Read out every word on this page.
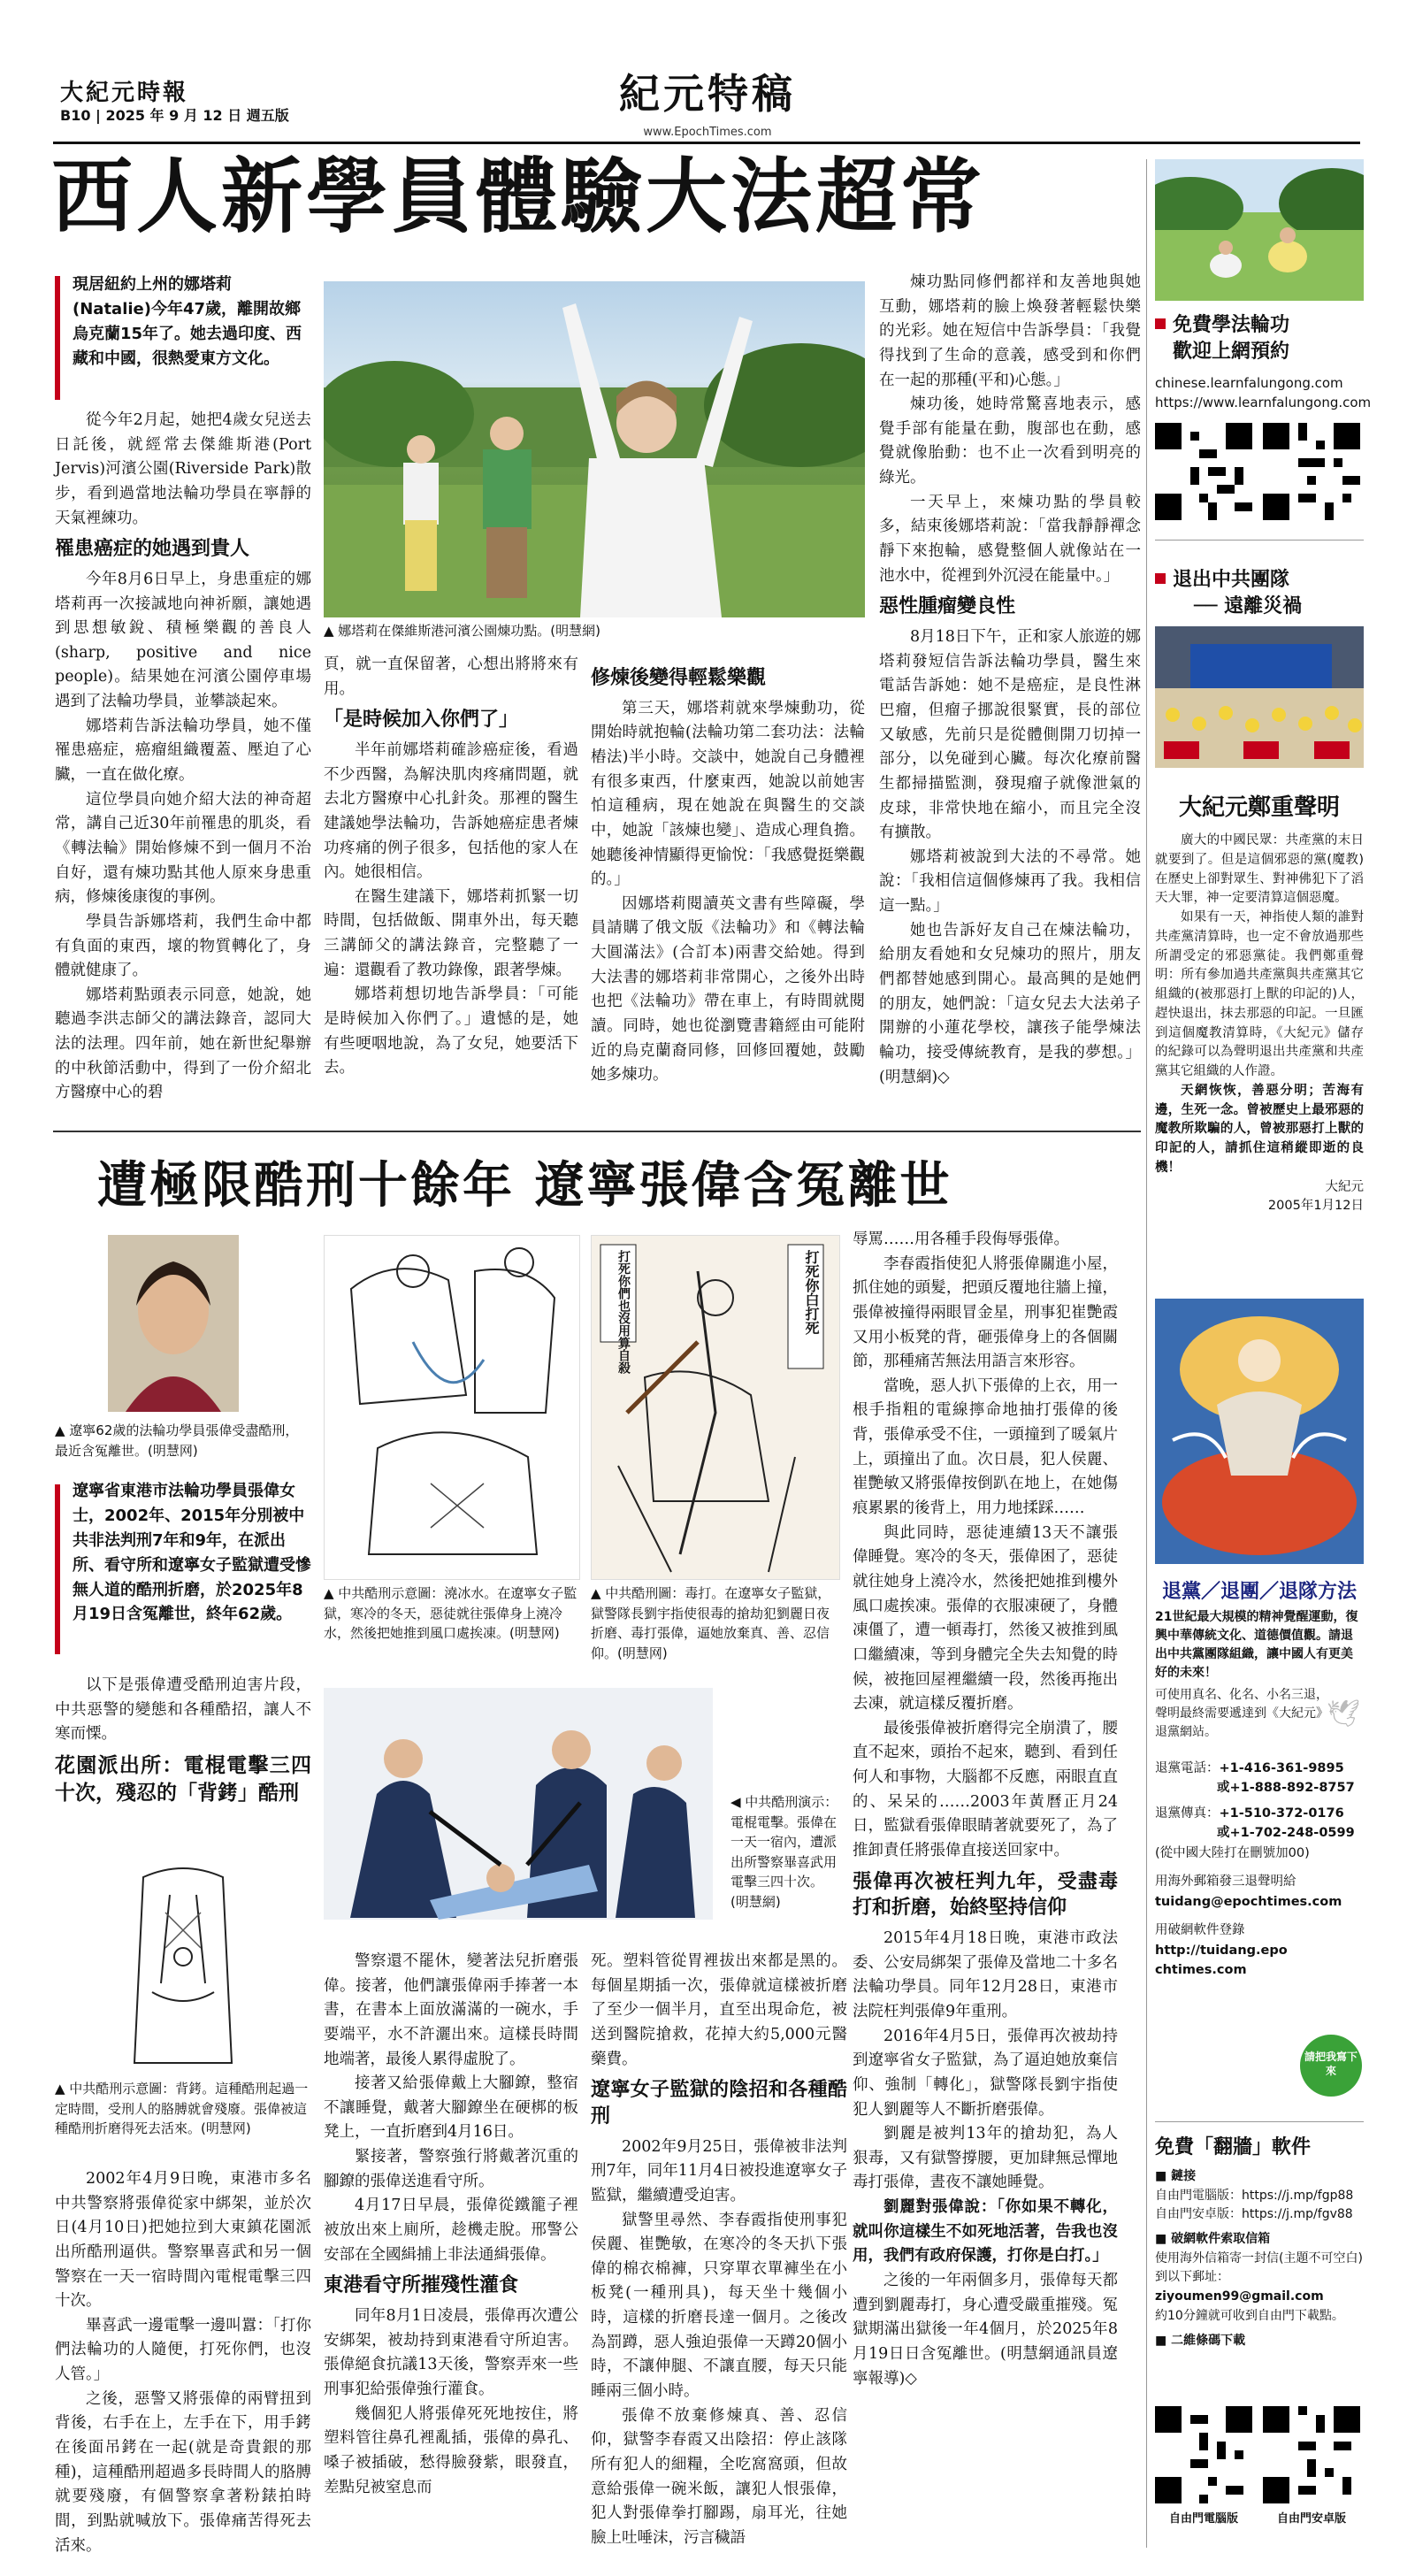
大紀元時報
B10 | 2025 年 9 月 12 日 週五版	紀元特稿
www.EpochTimes.com
西人新學員體驗大法超常
現居紐約上州的娜塔莉(Natalie)今年47歲，離開故鄉烏克蘭15年了。她去過印度、西藏和中國，很熱愛東方文化。

從今年2月起，她把4歲女兒送去日託後，就經常去傑維斯港(Port Jervis)河濱公園(Riverside Park)散步，看到過當地法輪功學員在寧靜的天氣裡練功。

罹患癌症的她遇到貴人

今年8月6日早上，身患重症的娜塔莉再一次接誠地向神祈願，讓她遇到思想敏銳、積極樂觀的善良人(sharp, positive and nice people)。結果她在河濱公園停車場遇到了法輪功學員，並攀談起來。

娜塔莉告訴法輪功學員，她不僅罹患癌症，癌瘤組織覆蓋、壓迫了心臟，一直在做化療。

這位學員向她介紹大法的神奇超常，講自己近30年前罹患的肌炎，看《轉法輪》開始修煉不到一個月不治自好，還有煉功點其他人原來身患重病，修煉後康復的事例。

學員告訴娜塔莉，我們生命中都有負面的東西，壞的物質轉化了，身體就健康了。

娜塔莉點頭表示同意，她說，她聽過李洪志師父的講法錄音，認同大法的法理。四年前，她在新世紀舉辦的中秋節活動中，得到了一份介紹北方醫療中心的碧

▲ 娜塔莉在傑維斯港河濱公園煉功點。(明慧網)

頁，就一直保留著，心想出將將來有用。

「是時候加入你們了」

半年前娜塔莉確診癌症後，看過不少西醫，為解決肌肉疼痛問題，就去北方醫療中心扎針灸。那裡的醫生建議她學法輪功，告訴她癌症患者煉功疼痛的例子很多，包括他的家人在內。她很相信。

在醫生建議下，娜塔莉抓緊一切時間，包括做飯、開車外出，每天聽三講師父的講法錄音，完整聽了一遍：還觀看了教功錄像，跟著學煉。

娜塔莉想切地告訴學員：「可能是時候加入你們了。」遺憾的是，她有些哽咽地說，為了女兒，她要活下去。

修煉後變得輕鬆樂觀

第三天，娜塔莉就來學煉動功，從開始時就抱輪(法輪功第二套功法：法輪樁法)半小時。交談中，她說自己身體裡有很多東西，什麼東西，她說以前她害怕這種病，現在她說在與醫生的交談中，她說「該煉也變」、造成心理負擔。她聽後神情顯得更愉悅：「我感覺挺樂觀的。」

因娜塔莉閱讀英文書有些障礙，學員請購了俄文版《法輪功》和《轉法輪 大圓滿法》(合訂本)兩書交給她。得到大法書的娜塔莉非常開心，之後外出時也把《法輪功》帶在車上，有時間就閱讀。同時，她也從瀏覽書籍經由可能附近的烏克蘭裔同修，回修回覆她，鼓勵她多煉功。

煉功點同修們都祥和友善地與她互動，娜塔莉的臉上煥發著輕鬆快樂的光彩。她在短信中告訴學員：「我覺得找到了生命的意義，感受到和你們在一起的那種(平和)心態。」

煉功後，她時常驚喜地表示，感覺手部有能量在動，腹部也在動，感覺就像胎動：也不止一次看到明亮的綠光。

一天早上，來煉功點的學員較多，結束後娜塔莉說：「當我靜靜禪念靜下來抱輪，感覺整個人就像站在一池水中，從裡到外沉浸在能量中。」

惡性腫瘤變良性

8月18日下午，正和家人旅遊的娜塔莉發短信告訴法輪功學員，醫生來電話告訴她：她不是癌症，是良性淋巴瘤，但瘤子挪說很緊實，長的部位又敏感，先前只是從體側開刀切掉一部分，以免碰到心臟。每次化療前醫生都掃描監測，發現瘤子就像泄氣的皮球，非常快地在縮小，而且完全沒有擴散。

娜塔莉被說到大法的不尋常。她說：「我相信這個修煉再了我。我相信這一點。」

她也告訴好友自己在煉法輪功，給朋友看她和女兒煉功的照片，朋友們都替她感到開心。最高興的是她們的朋友，她們說：「這女兒去大法弟子開辦的小蓮花學校，讓孩子能學煉法輪功，接受傳統教育，是我的夢想。」(明慧網)◇

遭極限酷刑十餘年 遼寧張偉含冤離世
▲ 遼寧62歲的法輪功學員張偉受盡酷刑，最近含冤離世。(明慧网)
遼寧省東港市法輪功學員張偉女士，2002年、2015年分別被中共非法判刑7年和9年，在派出所、看守所和遼寧女子監獄遭受慘無人道的酷刑折磨，於2025年8月19日含冤離世，終年62歲。

以下是張偉遭受酷刑迫害片段，中共惡警的變態和各種酷招，讓人不寒而慄。

花園派出所：電棍電擊三四十次，殘忍的「背銬」酷刑
▲ 中共酷刑示意圖：背銬。這種酷刑起過一定時間，受刑人的胳膊就會殘廢。張偉被這種酷刑折磨得死去活來。(明慧网)

2002年4月9日晚，東港市多名中共警察將張偉從家中綁架，並於次日(4月10日)把她拉到大東鎮花園派出所酷刑逼供。警察畢喜武和另一個警察在一天一宿時間內電棍電擊三四十次。

畢喜武一邊電擊一邊叫囂：「打你們法輪功的人隨便，打死你們，也沒人管。」

之後，惡警又將張偉的兩臂扭到背後，右手在上，左手在下，用手銬在後面吊銬在一起(就是奇貴銀的那種)，這種酷刑超過多長時間人的胳膊就要殘廢，有個警察拿著粉錶拍時間，到點就喊放下。張偉痛苦得死去活來。

▲ 中共酷刑示意圖：澆冰水。在遼寧女子監獄，寒冷的冬天，惡徒就往張偉身上澆冷水，然後把她推到風口處挨凍。(明慧网)
打死你們也沒用算自殺	打死你白打死
▲ 中共酷刑圖：毒打。在遼寧女子監獄，獄警隊長劉宇指使很毒的搶劫犯劉麗日夜折磨、毒打張偉，逼她放棄真、善、忍信仰。(明慧网)
◀ 中共酷刑演示：電棍電擊。張偉在一天一宿內，遭派出所警察畢喜武用電擊三四十次。(明慧網)

警察還不罷休，變著法兒折磨張偉。接著，他們讓張偉兩手捧著一本書，在書本上面放滿滿的一碗水，手要端平，水不許灑出來。這樣長時間地端著，最後人累得虛脫了。

接著又給張偉戴上大腳鐐，整宿不讓睡覺，戴著大腳鐐坐在硬梆的板凳上，一直折磨到4月16日。

緊接著，警察強行將戴著沉重的腳鐐的張偉送進看守所。

4月17日早晨，張偉從鐵籠子裡被放出來上廁所，趁機走脫。邢警公安部在全國緝捕上非法通緝張偉。

東港看守所摧殘性灌食

同年8月1日凌晨，張偉再次遭公安綁架，被劫持到東港看守所迫害。張偉絕食抗議13天後，警察弄來一些刑事犯給張偉強行灌食。

幾個犯人將張偉死死地按住，將塑料管往鼻孔裡亂插，張偉的鼻孔、嗓子被插破，愁得臉發紫，眼發直，差點兒被窒息而

死。塑料管從胃裡拔出來都是黑的。每個星期插一次，張偉就這樣被折磨了至少一個半月，直至出現命危，被送到醫院搶救，花掉大約5,000元醫藥費。

遼寧女子監獄的陰招和各種酷刑

2002年9月25日，張偉被非法判刑7年，同年11月4日被投進遼寧女子監獄，繼續遭受迫害。

獄警里尋然、李春霞指使刑事犯侯麗、崔艷敏，在寒冷的冬天扒下張偉的棉衣棉褲，只穿單衣單褲坐在小板凳(一種刑具)，每天坐十幾個小時，這樣的折磨長達一個月。之後改為罰蹲，惡人強迫張偉一天蹲20個小時，不讓伸腿、不讓直腰，每天只能睡兩三個小時。

張偉不放棄修煉真、善、忍信仰，獄警李春霞又出陰招：停止該隊所有犯人的細糧，全吃窩窩頭，但故意給張偉一碗米飯，讓犯人恨張偉，犯人對張偉拳打腳踢，扇耳光，往她臉上吐唾沫，污言穢語

辱罵……用各種手段侮辱張偉。

李春霞指使犯人將張偉關進小屋，抓住她的頭髮，把頭反覆地往牆上撞，張偉被撞得兩眼冒金星，刑事犯崔艷霞又用小板凳的背，砸張偉身上的各個關節，那種痛苦無法用語言來形容。

當晚，惡人扒下張偉的上衣，用一根手指粗的電線擰命地抽打張偉的後背，張偉承受不住，一頭撞到了暖氣片上，頭撞出了血。次日晨，犯人侯麗、崔艷敏又將張偉按倒趴在地上，在她傷痕累累的後背上，用力地揉踩……

與此同時，惡徒連續13天不讓張偉睡覺。寒冷的冬天，張偉困了，惡徒就往她身上澆冷水，然後把她推到樓外風口處挨凍。張偉的衣服凍硬了，身體凍僵了，遭一頓毒打，然後又被推到風口繼續凍，等到身體完全失去知覺的時候，被拖回屋裡繼續一段，然後再拖出去凍，就這樣反覆折磨。

最後張偉被折磨得完全崩潰了，腰直不起來，頭抬不起來，聽到、看到任何人和事物，大腦都不反應，兩眼直直的、呆呆的……2003年黃曆正月24日，監獄看張偉眼睛著就要死了，為了推卸責任將張偉直接送回家中。

張偉再次被枉判九年，受盡毒打和折磨，始終堅持信仰

2015年4月18日晚，東港市政法委、公安局綁架了張偉及當地二十多名法輪功學員。同年12月28日，東港市法院枉判張偉9年重刑。

2016年4月5日，張偉再次被劫持到遼寧省女子監獄，為了逼迫她放棄信仰、強制「轉化」，獄警隊長劉宇指使犯人劉麗等人不斷折磨張偉。

劉麗是被判13年的搶劫犯，為人狠毒，又有獄警撐腰，更加肆無忌憚地毒打張偉，晝夜不讓她睡覺。

劉麗對張偉說：「你如果不轉化，就叫你這樣生不如死地活著，告我也沒用，我們有政府保護，打你是白打。」

之後的一年兩個多月，張偉每天都遭到劉麗毒打，身心遭受嚴重摧殘。冤獄期滿出獄後一年4個月，於2025年8月19日日含冤離世。(明慧網通訊員遼寧報導)◇

免費學法輪功
歡迎上網預約
chinese.learnfalungong.com
https://www.learnfalungong.com
退出中共團隊
── 遠離災禍
大紀元鄭重聲明

廣大的中國民眾：共產黨的末日就要到了。但是這個邪惡的黨(魔教)在歷史上卻對眾生、對神佛犯下了滔天大罪，神一定要清算這個惡魔。

如果有一天，神指使人類的誰對共產黨清算時，也一定不會放過那些所謂受定的邪惡黨徒。我們鄭重聲明：所有參加過共產黨與共產黨其它組織的(被那惡打上獸的印記的)人，趕快退出，抹去那惡的印記。一旦匯到這個魔教清算時，《大紀元》儲存的紀錄可以為聲明退出共產黨和共產黨其它組織的人作證。

天網恢恢，善惡分明；苦海有邊，生死一念。曾被歷史上最邪惡的魔教所欺騙的人，曾被那惡打上獸的印記的人，請抓住這稍縱即逝的良機！

大紀元

2005年1月12日

退黨／退團／退隊方法
21世紀最大規模的精神覺醒運動，復興中華傳統文化、道德價值觀。請退出中共黨團隊組織，讓中國人有更美好的未來！
可使用真名、化名、小名三退，聲明最終需要遞達到《大紀元》退黨網站。
🕊
退黨電話：+1-416-361-9895
或+1-888-892-8757
退黨傳真：+1-510-372-0176
或+1-702-248-0599
(從中國大陸打在刪號加00)
用海外郵箱發三退聲明給
tuidang@epochtimes.com
用破網軟件登錄
http://tuidang.epochtimes.com
請把我寫下來
免費「翻牆」軟件
■ 鏈接
自由門電腦版：https://j.mp/fgp88
自由門安卓版：https://j.mp/fgv88
■ 破網軟件索取信箱
使用海外信箱寄一封信(主題不可空白)到以下郵址：
ziyoumen99@gmail.com
約10分鐘就可收到自由門下載點。
■ 二維條碼下載
自由門電腦版	自由門安卓版
